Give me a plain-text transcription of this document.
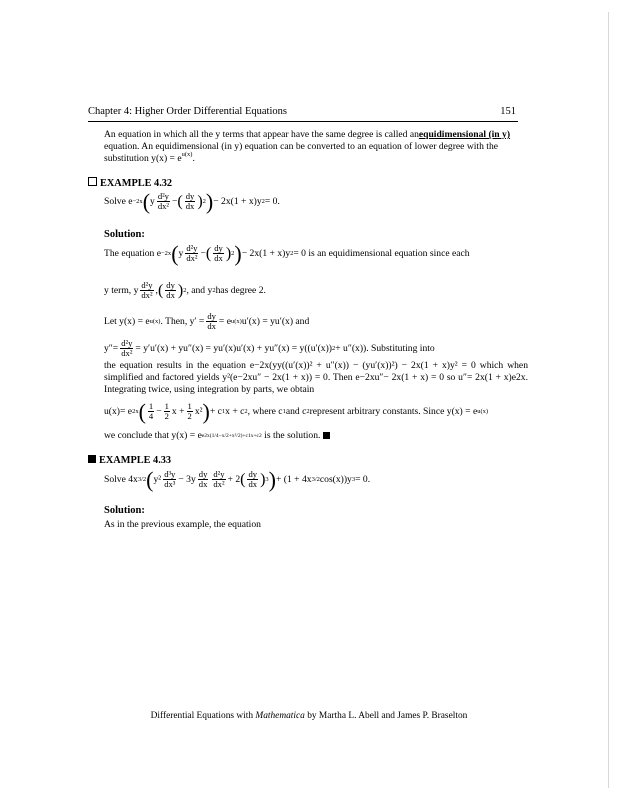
Chapter 4: Higher Order Differential Equations	151
An equation in which all the y terms that appear have the same degree is called anequidimensional (in y) equation. An equidimensional (in y) equation can be converted to an equation of lower degree with the substitution $y(x) = e^{u(x)}$.
EXAMPLE 4.32
Solve e −2x ( y $\frac{\text{d²y}}{\text{dx²}}$ − ( $\frac{dy}{dx}$ ) 2 ) − 2x(1 + x)y 2 = 0.
Solution:
The equation e −2x ( y $\frac{\text{d²y}}{\text{dx²}}$ − ( $\frac{dy}{dx}$ ) 2 ) − 2x(1 + x)y 2 = 0 is an equidimensional equation since each
y term, y $\frac{\text{d²y}}{\text{dx²}}$ , ( $\frac{dy}{dx}$ ) 2 , and y 2 has degree 2.
Let y(x) = e u(x) . Then, $y' = \frac{dy}{dx} = e$ u(x) u′(x) = yu′(x) and
$y''= \frac{\text{d²y}}{\text{dx²}} = y'u'(x) + yu''(x) = yu'(x)u'(x) + yu''(x) = y((u'(x)) 2 + u''(x))$. Substituting into
the equation results in the equation e−2x(yy((u′(x))² + u″(x)) − (yu′(x))²) − 2x(1 + x)y² = 0 which when simplified and factored yields y²(e−2xu″ − 2x(1 + x)) = 0. Then e−2xu″− 2x(1 + x) = 0 so u″= 2x(1 + x)e2x. Integrating twice, using integration by parts, we obtain
u(x)= e 2x ( $\frac{1}{4} - \frac{1}{2}$ $x + \frac{1}{2} x^2$ ) + c 1 x + c 2 , where c 1 and c 2 represent arbitrary constants. Since y(x) = e u(x)
we conclude that y(x) = e e2x(1/4−x/2+x²/2)+c1x+c2
is the solution.
EXAMPLE 4.33
Solve 4x 3/2 ( $y^2 \frac{\text{d³y}}{\text{dx³}} - 3y \frac{dy}{dx} \frac{\text{d²y}}{\text{dx²}} + 2$ ( $\frac{dy}{dx}$ ) 3 ) + (1 + 4x 3/2 cos(x))y 3 = 0.
Solution:
As in the previous example, the equation
Differential Equations with Mathematica by Martha L. Abell and James P. Braselton
